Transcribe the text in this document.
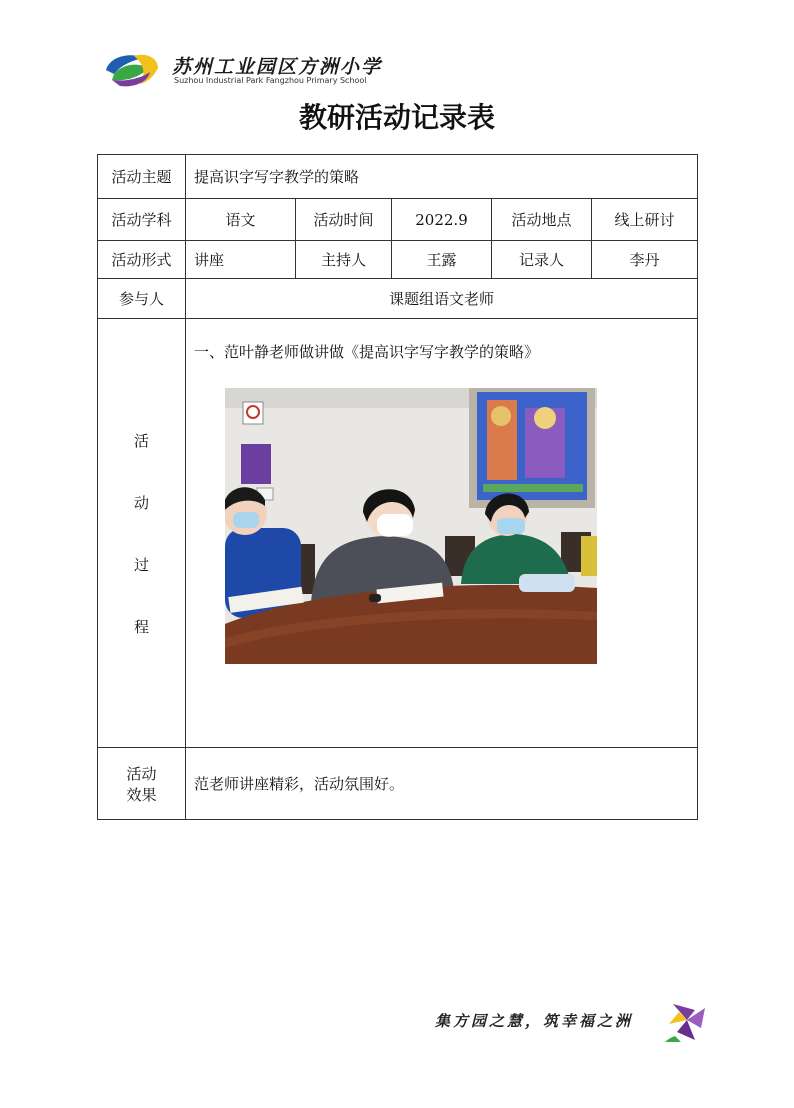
苏州工业园区方洲小学
Suzhou Industrial Park Fangzhou Primary School
教研活动记录表
活动主题	提高识字写字教学的策略				
活动学科	语文	活动时间	2022.9	活动地点	线上研讨
活动形式	讲座	主持人	王露	记录人	李丹
参与人	课题组语文老师				

活
动
过
程	一、范叶静老师做讲做《提高识字写字教学的策略》				

活动
效果	范老师讲座精彩，活动氛围好。				
集方园之慧，筑幸福之洲
